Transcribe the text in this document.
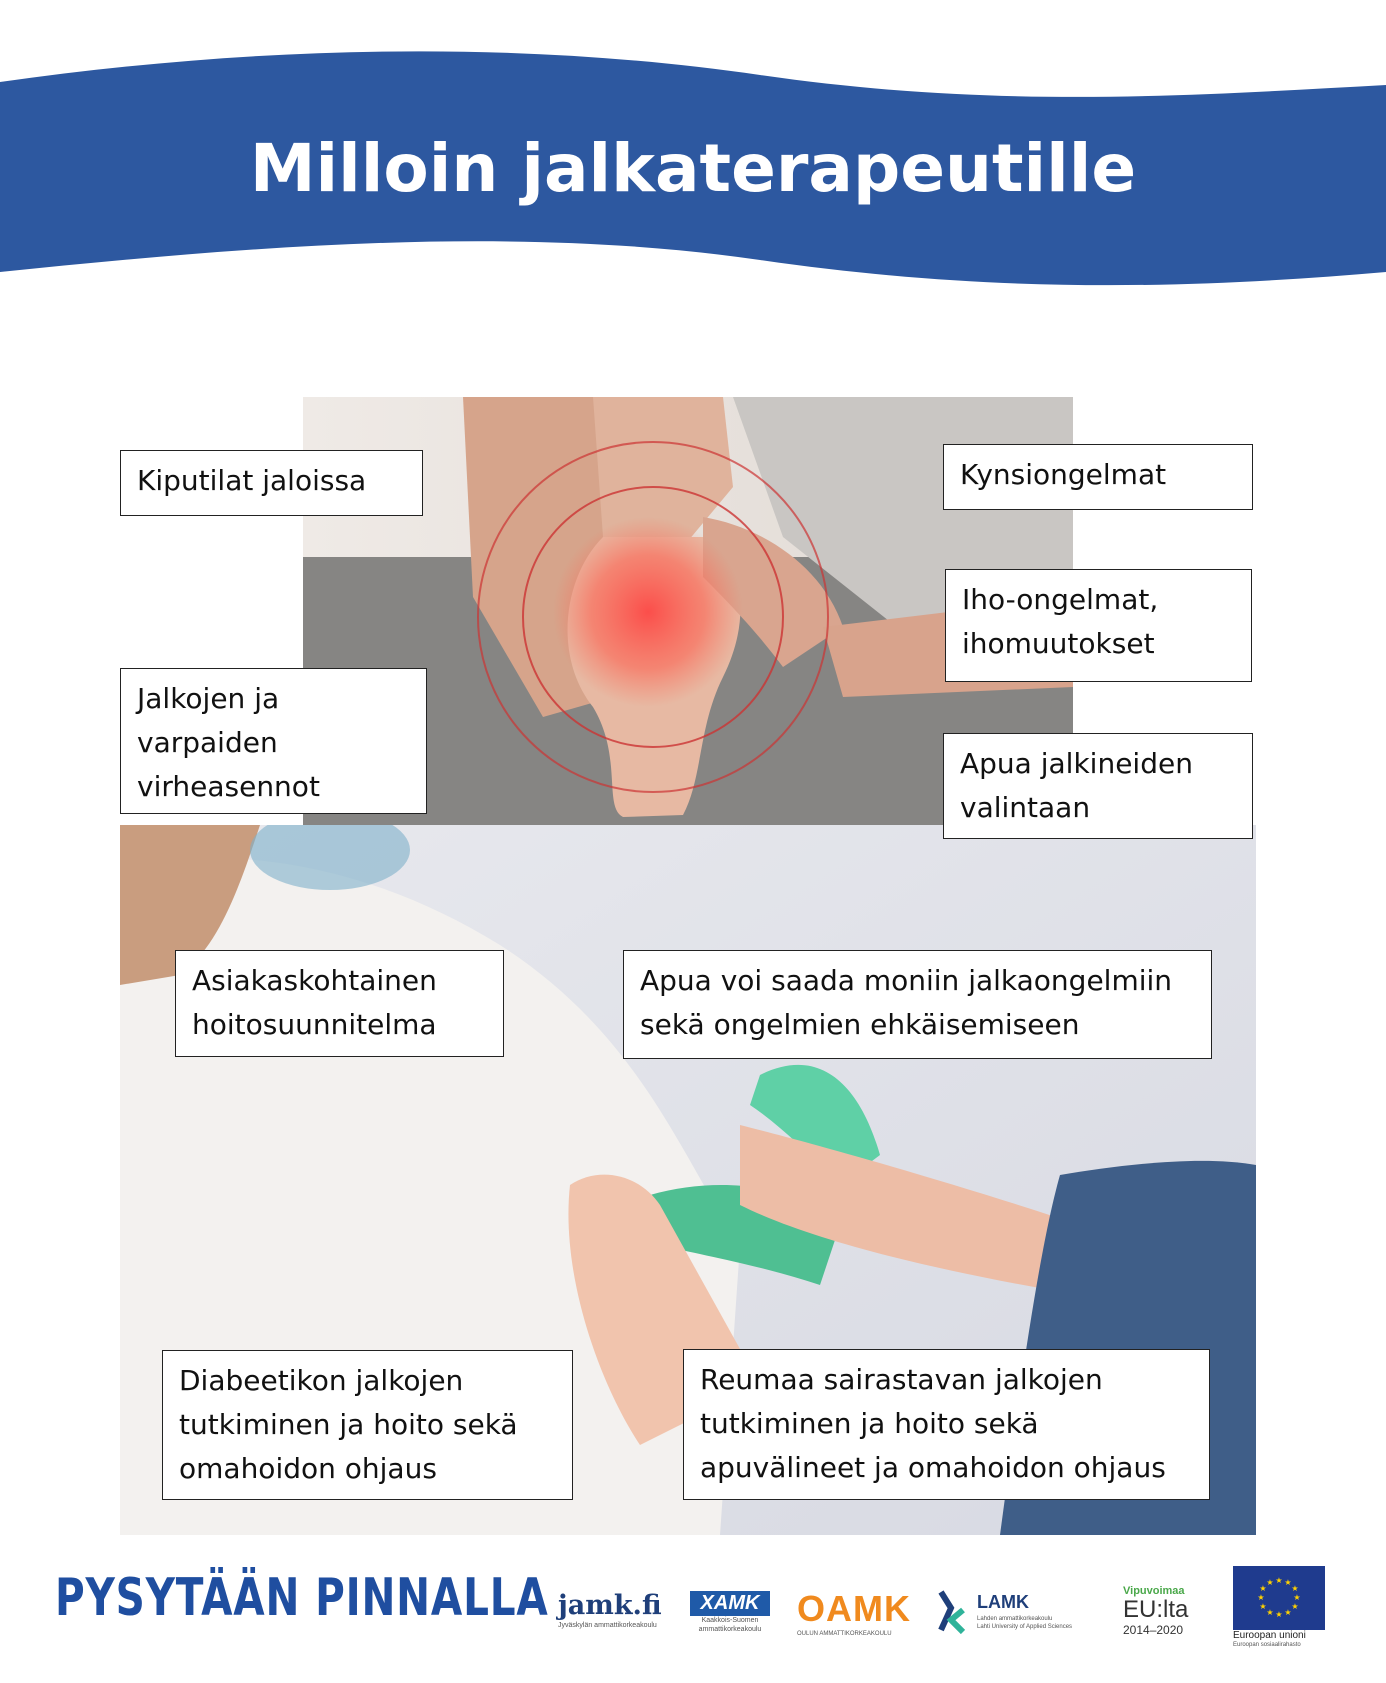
Milloin jalkaterapeutille
Kiputilat jaloissa	Kynsiongelmat
Iho-ongelmat,
ihomuutokset
Jalkojen ja
varpaiden
virheasennot
Apua jalkineiden
valintaan
Asiakaskohtainen
hoitosuunnitelma
Apua voi saada moniin jalkaongelmiin
sekä ongelmien ehkäisemiseen
Diabeetikon jalkojen
tutkiminen ja hoito sekä
omahoidon ohjaus
Reumaa sairastavan jalkojen
tutkiminen ja hoito sekä
apuvälineet ja omahoidon ohjaus
PYSYTÄÄN PINNALLA jamk.fi
Jyväskylän ammattikorkeakoulu
XAMK
Kaakkois-Suomen
ammattikorkeakoulu
OAMK
OULUN AMMATTIKORKEAKOULU
LAMK
Lahden ammattikorkeakoulu
Lahti University of Applied Sciences
Vipuvoimaa
EU:lta
2014–2020
★ ★
★
★
★
★
★
★
★
★
★
★
Euroopan unioni
Euroopan sosiaalirahasto
